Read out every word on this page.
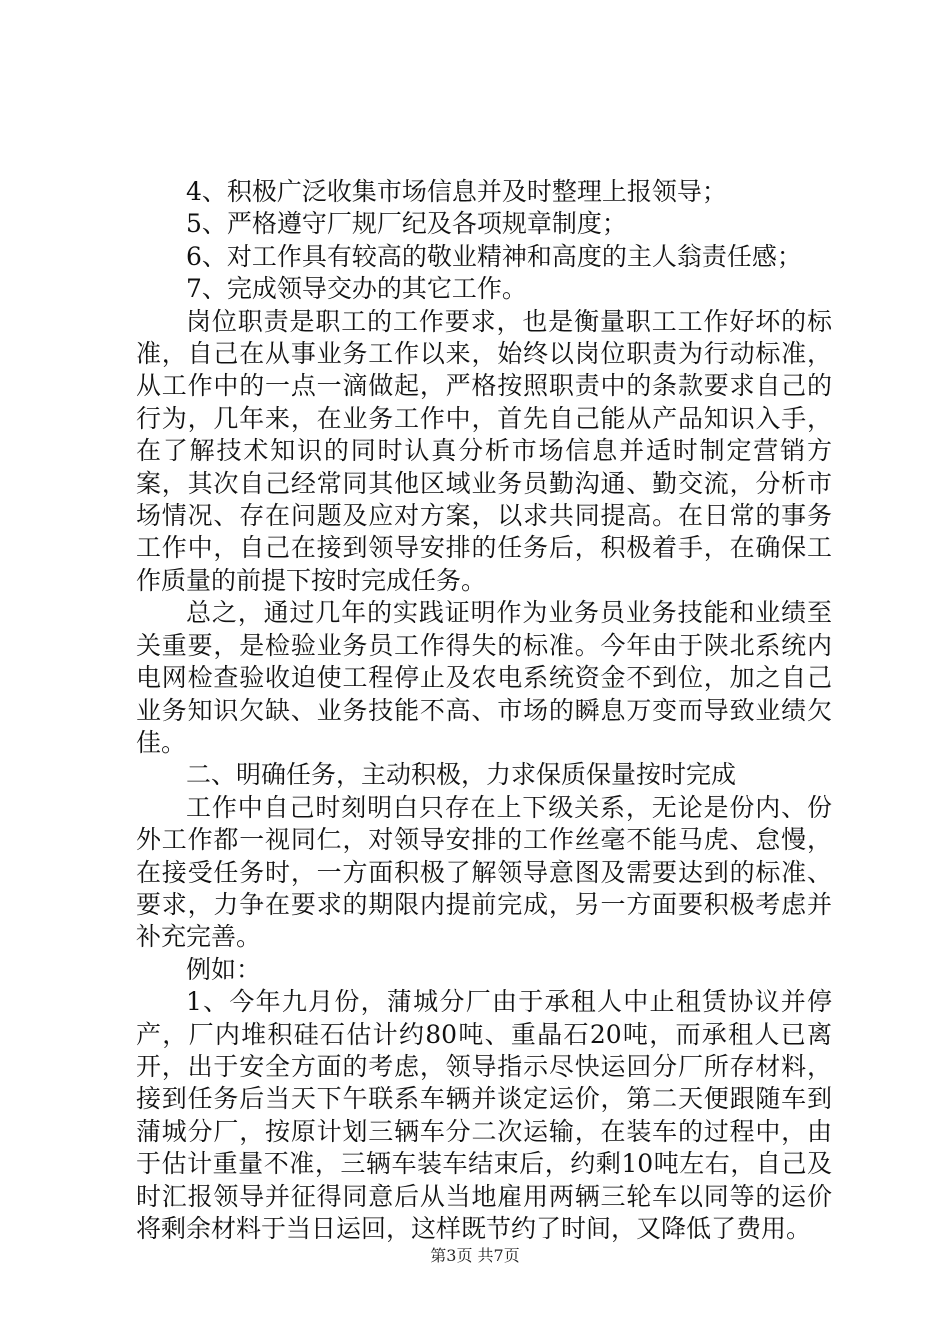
4、积极广泛收集市场信息并及时整理上报领导；

5、严格遵守厂规厂纪及各项规章制度；

6、对工作具有较高的敬业精神和高度的主人翁责任感；

7、完成领导交办的其它工作。

岗位职责是职工的工作要求，也是衡量职工工作好坏的标准，自己在从事业务工作以来，始终以岗位职责为行动标准，从工作中的一点一滴做起，严格按照职责中的条款要求自己的行为，几年来，在业务工作中，首先自己能从产品知识入手，在了解技术知识的同时认真分析市场信息并适时制定营销方案，其次自己经常同其他区域业务员勤沟通、勤交流，分析市场情况、存在问题及应对方案，以求共同提高。在日常的事务工作中，自己在接到领导安排的任务后，积极着手，在确保工作质量的前提下按时完成任务。

总之，通过几年的实践证明作为业务员业务技能和业绩至关重要，是检验业务员工作得失的标准。今年由于陕北系统内电网检查验收迫使工程停止及农电系统资金不到位，加之自己业务知识欠缺、业务技能不高、市场的瞬息万变而导致业绩欠佳。

二、明确任务，主动积极，力求保质保量按时完成

工作中自己时刻明白只存在上下级关系，无论是份内、份外工作都一视同仁，对领导安排的工作丝毫不能马虎、怠慢，在接受任务时，一方面积极了解领导意图及需要达到的标准、要求，力争在要求的期限内提前完成，另一方面要积极考虑并补充完善。

例如：

1、今年九月份，蒲城分厂由于承租人中止租赁协议并停产，厂内堆积硅石估计约80吨、重晶石20吨，而承租人已离开，出于安全方面的考虑，领导指示尽快运回分厂所存材料，接到任务后当天下午联系车辆并谈定运价，第二天便跟随车到蒲城分厂，按原计划三辆车分二次运输，在装车的过程中，由于估计重量不准，三辆车装车结束后，约剩10吨左右，自己及时汇报领导并征得同意后从当地雇用两辆三轮车以同等的运价将剩余材料于当日运回，这样既节约了时间，又降低了费用。

第3页 共7页
